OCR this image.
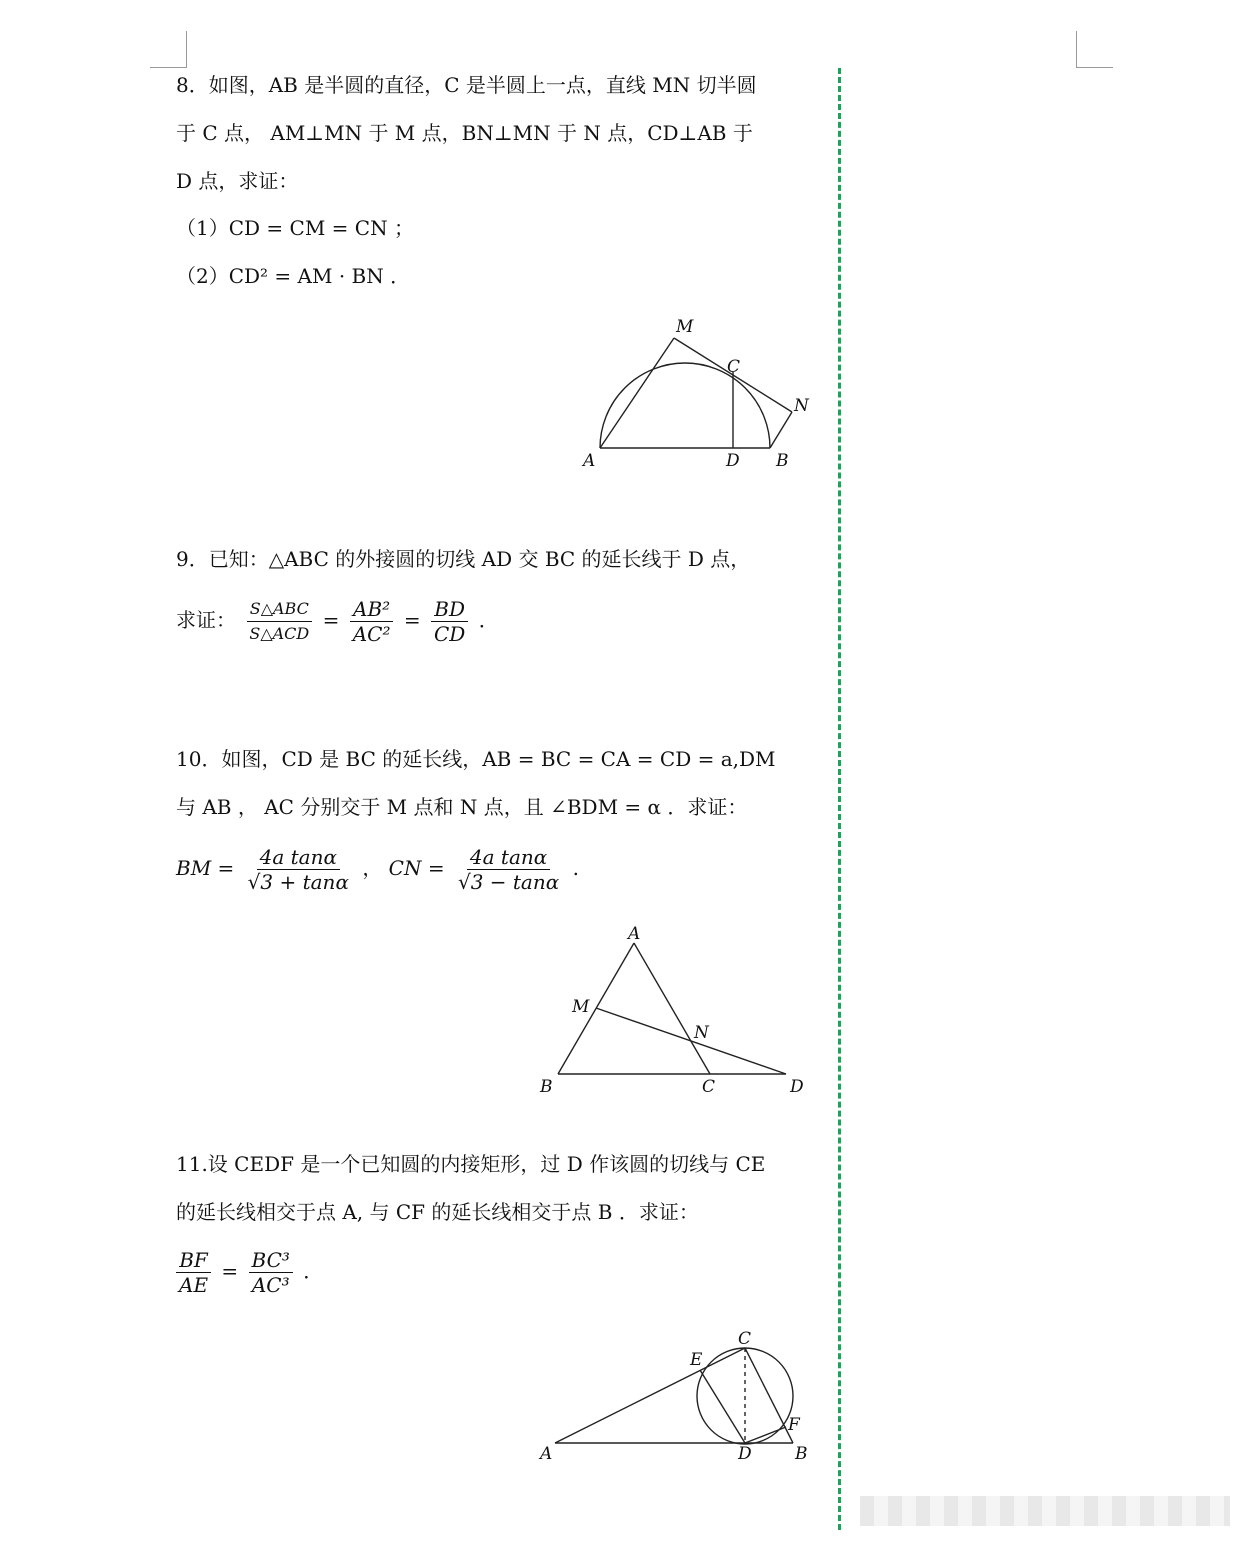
8．如图，AB 是半圆的直径，C 是半圆上一点，直线 MN 切半圆
于 C 点， AM⊥MN 于 M 点，BN⊥MN 于 N 点，CD⊥AB 于
D 点，求证：
（1）CD = CM = CN ；
（2）CD² = AM · BN ．
M
C
N
A	D B
9．已知：△ABC 的外接圆的切线 AD 交 BC 的延长线于 D 点，
求证： $\frac{\text{S△ABC}}{\text{S△ACD}} = \frac{\text{AB²}}{\text{AC²}} = \frac{BD}{CD}$ ．
10．如图，CD 是 BC 的延长线，AB = BC = CA = CD = a,DM
与 AB ， AC 分别交于 M 点和 N 点，且 ∠BDM = α ．求证：
BM = $\frac{\text{4a tanα}}{√3 + \tan\alpha}$ ， CN = $\frac{\text{4a tanα}}{√3 - \tan\alpha}$ .
A
M
N
B	C	D
11.设 CEDF 是一个已知圆的内接矩形，过 D 作该圆的切线与 CE
的延长线相交于点 A, 与 CF 的延长线相交于点 B ．求证：
$\frac{BF}{AE} = \frac{\text{BC³}}{\text{AC³}}$ ．
C
E
F
A	D	B
